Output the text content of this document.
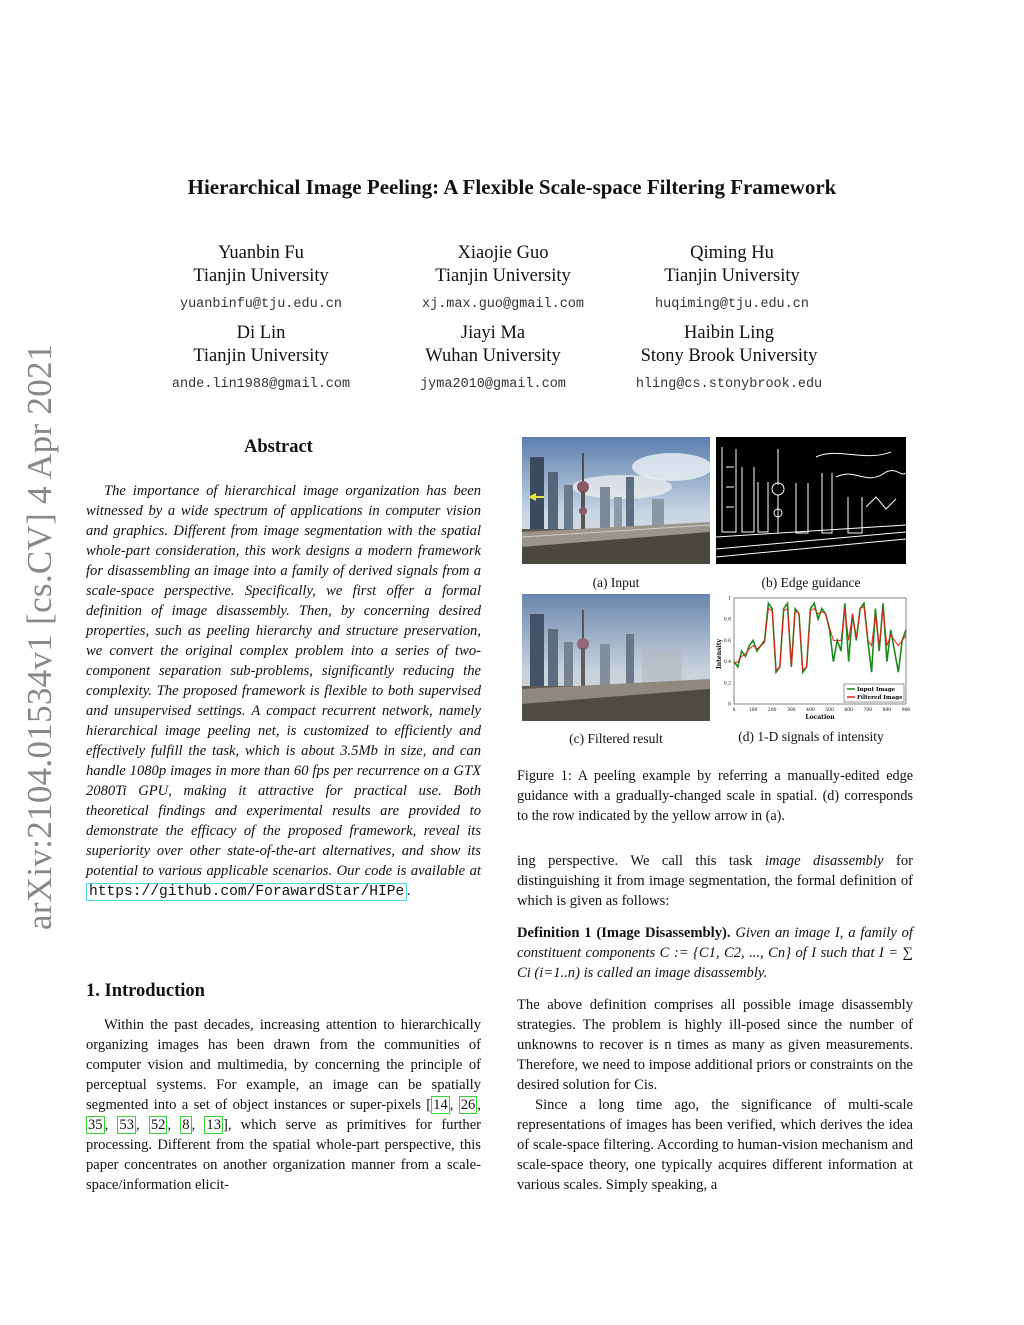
arXiv:2104.01534v1 [cs.CV] 4 Apr 2021
Hierarchical Image Peeling: A Flexible Scale-space Filtering Framework
Yuanbin Fu
Tianjin University
yuanbinfu@tju.edu.cn
Xiaojie Guo
Tianjin University
xj.max.guo@gmail.com
Qiming Hu
Tianjin University
huqiming@tju.edu.cn
Di Lin
Tianjin University
ande.lin1988@gmail.com
Jiayi Ma
Wuhan University
jyma2010@gmail.com
Haibin Ling
Stony Brook University
hling@cs.stonybrook.edu
Abstract
The importance of hierarchical image organization has been witnessed by a wide spectrum of applications in computer vision and graphics. Different from image segmentation with the spatial whole-part consideration, this work designs a modern framework for disassembling an image into a family of derived signals from a scale-space perspective. Specifically, we first offer a formal definition of image disassembly. Then, by concerning desired properties, such as peeling hierarchy and structure preservation, we convert the original complex problem into a series of two-component separation sub-problems, significantly reducing the complexity. The proposed framework is flexible to both supervised and unsupervised settings. A compact recurrent network, namely hierarchical image peeling net, is customized to efficiently and effectively fulfill the task, which is about 3.5Mb in size, and can handle 1080p images in more than 60 fps per recurrence on a GTX 2080Ti GPU, making it attractive for practical use. Both theoretical findings and experimental results are provided to demonstrate the efficacy of the proposed framework, reveal its superiority over other state-of-the-art alternatives, and show its potential to various applicable scenarios. Our code is available at https://github.com/ForawardStar/HIPe .
1. Introduction
Within the past decades, increasing attention to hierarchically organizing images has been drawn from the communities of computer vision and multimedia, by concerning the principle of perceptual systems. For example, an image can be spatially segmented into a set of object instances or super-pixels [ 14 , 26 , 35 , 53 , 52 , 8 , 13 ], which serve as primitives for further processing. Different from the spatial whole-part perspective, this paper concentrates on another organization manner from a scale-space/information elicit-
(a) Input	(b) Edge guidance
Intensity
Location
0	100 200 300 400 500 600 700 800 900
0
0.2
0.4
0.6
0.8
1
Input Image
Filtered Image
(c) Filtered result	(d) 1-D signals of intensity
Figure 1: A peeling example by referring a manually-edited edge guidance with a gradually-changed scale in spatial. (d) corresponds to the row indicated by the yellow arrow in (a).
ing perspective. We call this task image disassembly for distinguishing it from image segmentation, the formal definition of which is given as follows:
Definition 1 (Image Disassembly). Given an image I, a family of constituent components C := {C1, C2, ..., Cn} of I such that I = ∑ Ci (i=1..n) is called an image disassembly.
The above definition comprises all possible image disassembly strategies. The problem is highly ill-posed since the number of unknowns to recover is n times as many as given measurements. Therefore, we need to impose additional priors or constraints on the desired solution for Cis.
Since a long time ago, the significance of multi-scale representations of images has been verified, which derives the idea of scale-space filtering. According to human-vision mechanism and scale-space theory, one typically acquires different information at various scales. Simply speaking, a
